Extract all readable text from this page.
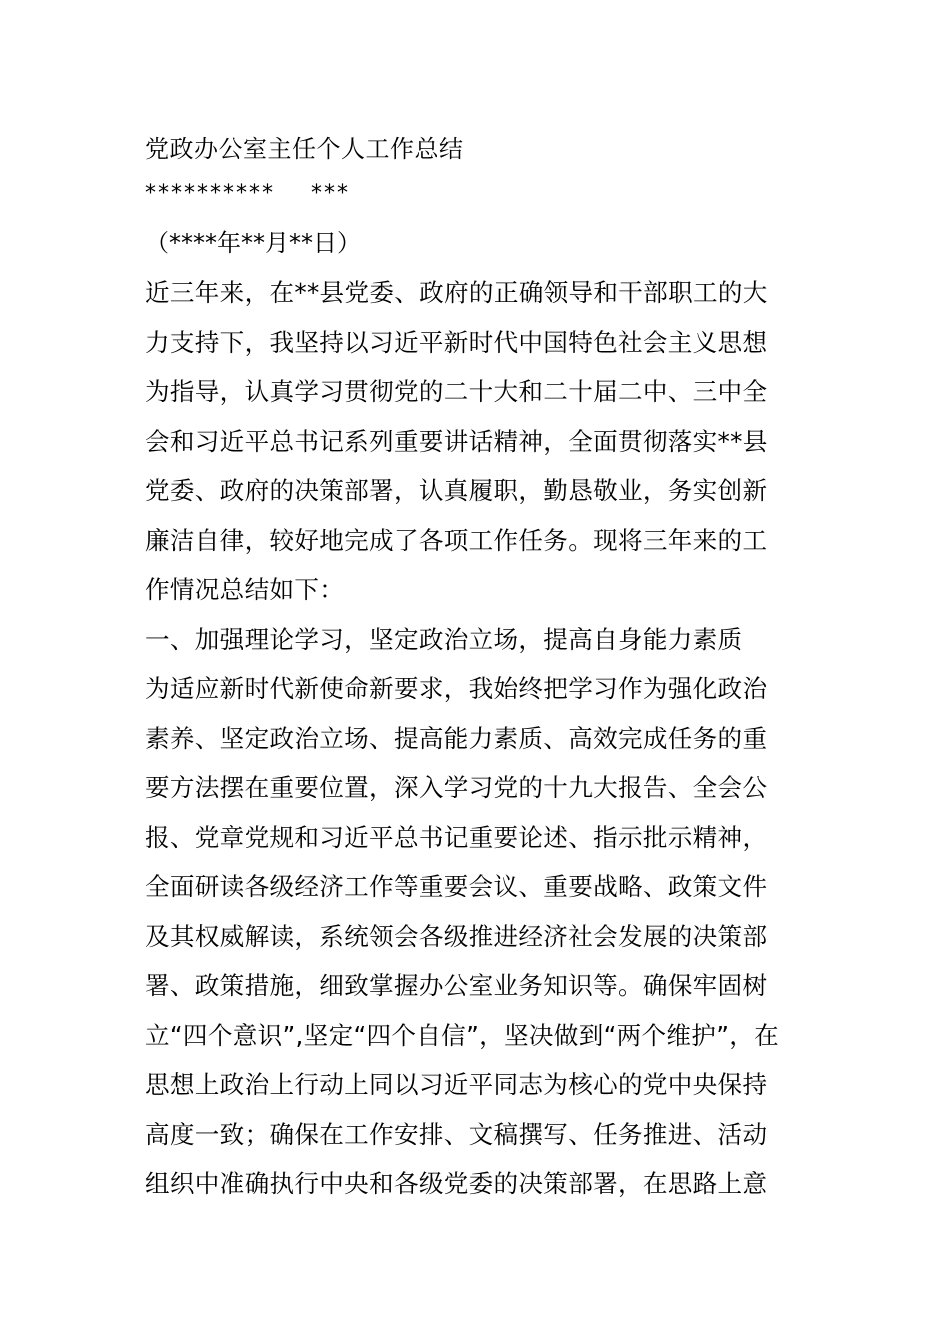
党政办公室主任个人工作总结
**********    ***
（****年**月**日）
近三年来，在**县党委、政府的正确领导和干部职工的大
力支持下，我坚持以习近平新时代中国特色社会主义思想
为指导，认真学习贯彻党的二十大和二十届二中、三中全
会和习近平总书记系列重要讲话精神，全面贯彻落实**县
党委、政府的决策部署，认真履职，勤恳敬业，务实创新
廉洁自律，较好地完成了各项工作任务。现将三年来的工
作情况总结如下：
一、加强理论学习，坚定政治立场，提高自身能力素质
为适应新时代新使命新要求，我始终把学习作为强化政治
素养、坚定政治立场、提高能力素质、高效完成任务的重
要方法摆在重要位置，深入学习党的十九大报告、全会公
报、党章党规和习近平总书记重要论述、指示批示精神，
全面研读各级经济工作等重要会议、重要战略、政策文件
及其权威解读，系统领会各级推进经济社会发展的决策部
署、政策措施，细致掌握办公室业务知识等。确保牢固树
立“四个意识”,坚定“四个自信”，坚决做到“两个维护”，在
思想上政治上行动上同以习近平同志为核心的党中央保持
高度一致；确保在工作安排、文稿撰写、任务推进、活动
组织中准确执行中央和各级党委的决策部署，在思路上意
